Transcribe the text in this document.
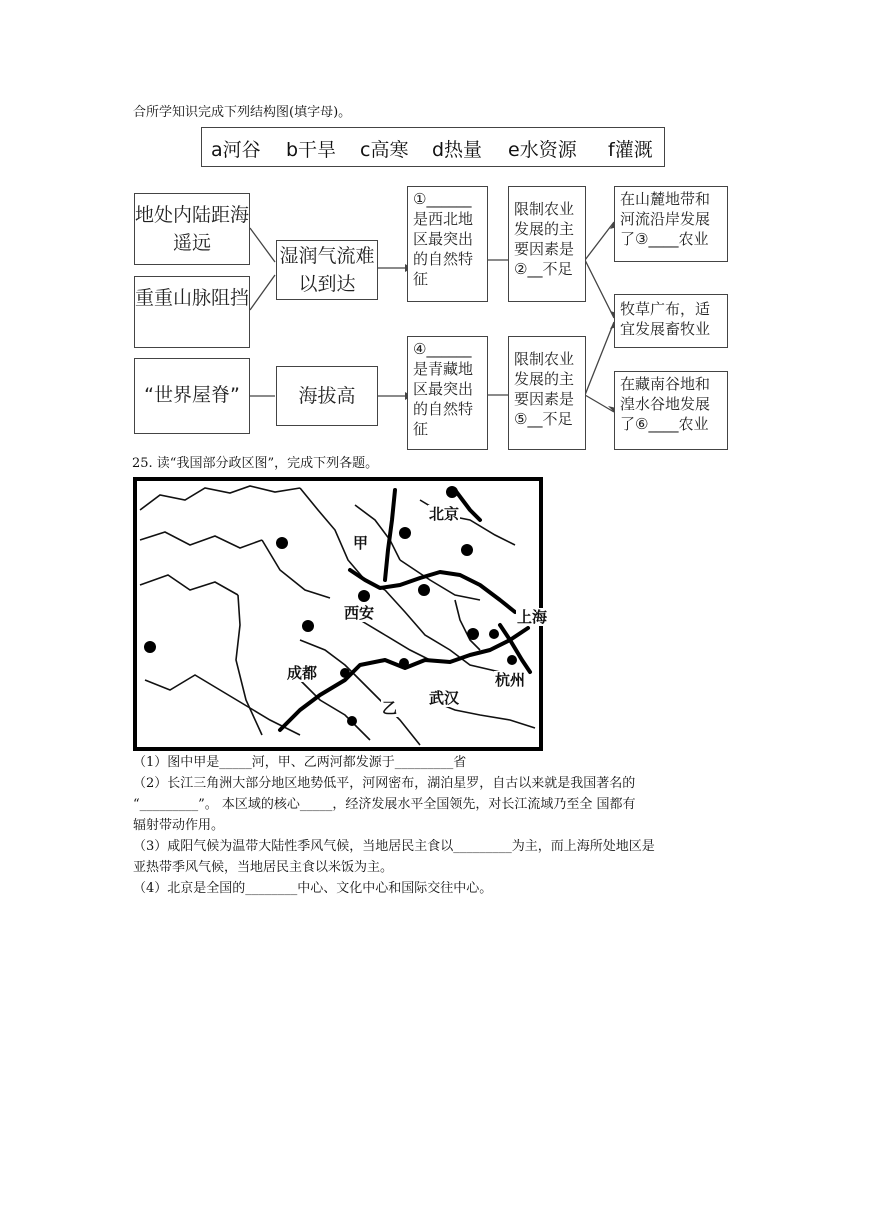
合所学知识完成下列结构图(填字母)。
a河谷 b干旱 c高寒 d热量 e水资源 f灌溉
地处内陆距海遥远
重重山脉阻挡
湿润气流难以到达
①______是西北地区最突出的自然特征
限制农业发展的主要因素是②__不足
在山麓地带和河流沿岸发展了③____农业
牧草广布，适宜发展畜牧业
“世界屋脊”	海拔高
④______是青藏地区最突出的自然特征
限制农业发展的主要因素是⑤__不足
在藏南谷地和湟水谷地发展了⑥____农业
25. 读“我国部分政区图”，完成下列各题。
北京
甲
西安	上海
成都	杭州
武汉
乙
（1）图中甲是_____河，甲、乙两河都发源于_________省
（2）长江三角洲大部分地区地势低平，河网密布，湖泊星罗，自古以来就是我国著名的
“_________”。 本区域的核心_____，经济发展水平全国领先，对长江流域乃至全 国都有
辐射带动作用。
（3）咸阳气候为温带大陆性季风气候，当地居民主食以_________为主，而上海所处地区是
亚热带季风气候，当地居民主食以米饭为主。
（4）北京是全国的________中心、文化中心和国际交往中心。
